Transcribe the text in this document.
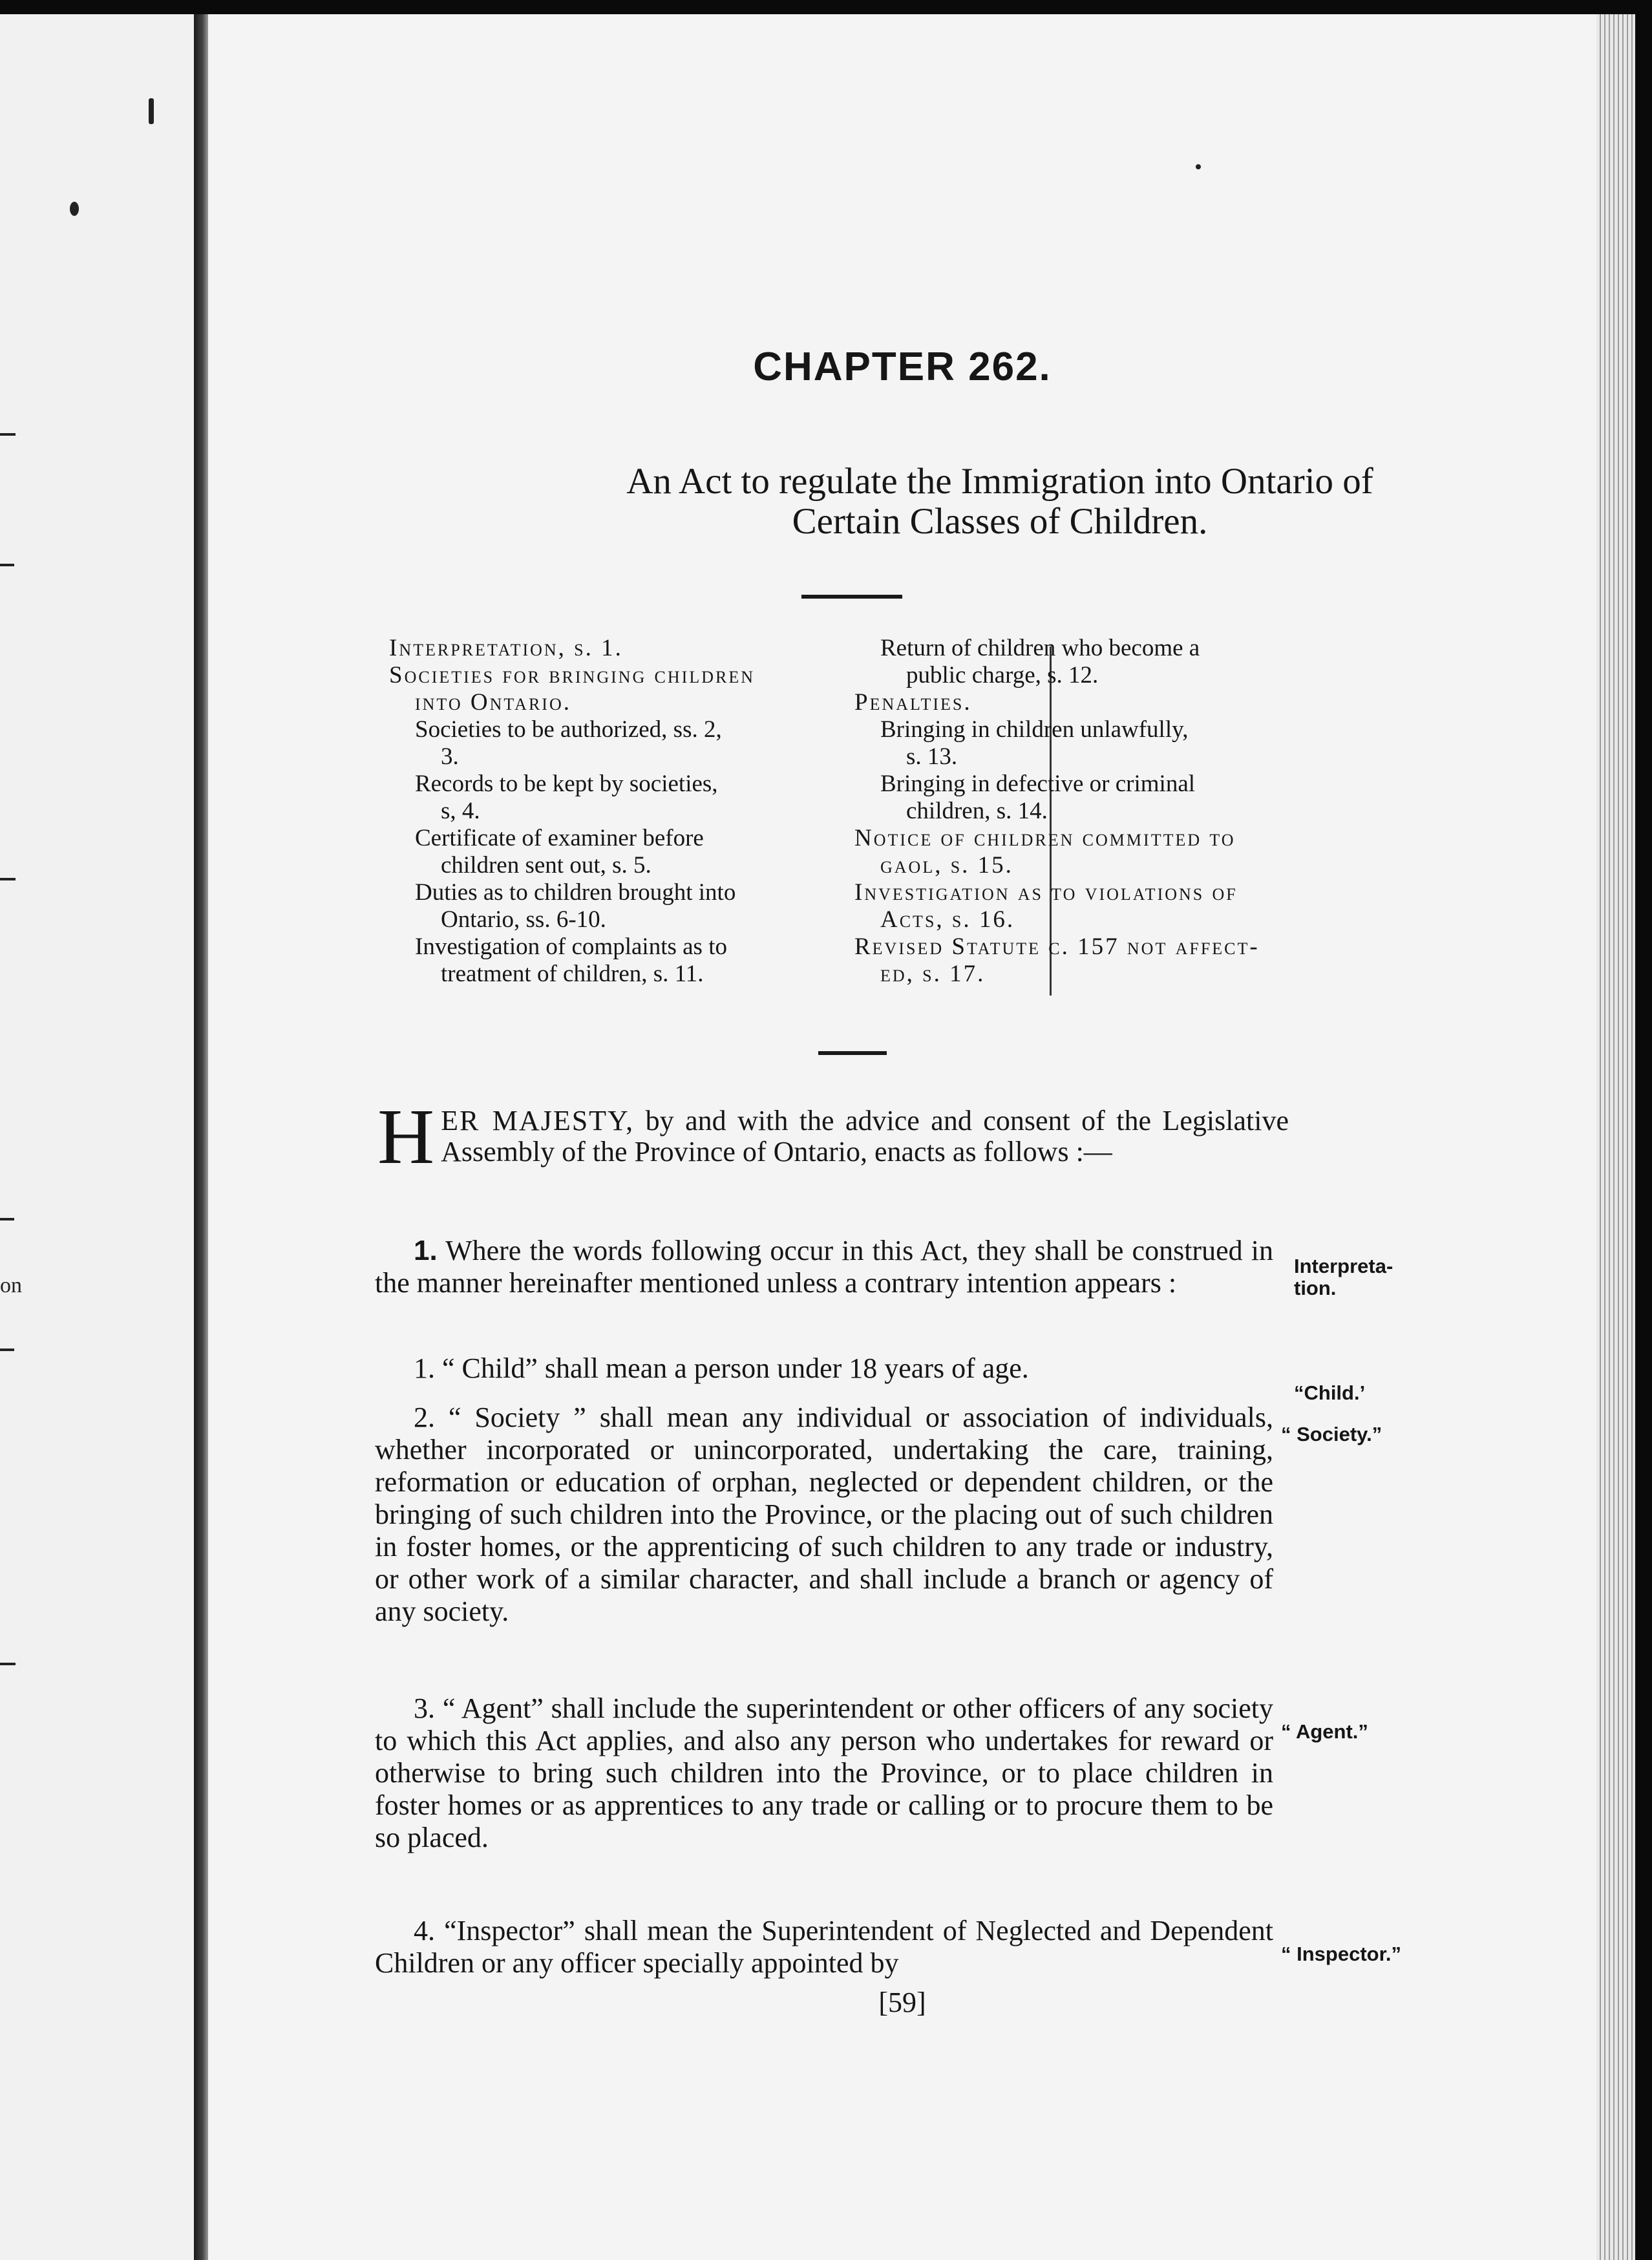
on
CHAPTER 262.
An Act to regulate the Immigration into Ontario of
Certain Classes of Children.
Interpretation, s. 1.
Societies for bringing children
into Ontario.
Societies to be authorized, ss. 2,
3.
Records to be kept by societies,
s, 4.
Certificate of examiner before
children sent out, s. 5.
Duties as to children brought into
Ontario, ss. 6-10.
Investigation of complaints as to
treatment of children, s. 11.
Return of children who become a
public charge, s. 12.
Penalties.
Bringing in children unlawfully,
s. 13.
Bringing in defective or criminal
children, s. 14.
Notice of children committed to
gaol, s. 15.
Investigation as to violations of
Acts, s. 16.
Revised Statute c. 157 not affect-
ed, s. 17.
HER MAJESTY, by and with the advice and consent of the Legislative Assembly of the Province of Ontario, enacts as follows :—

1. Where the words following occur in this Act, they shall be construed in the manner hereinafter mentioned unless a contrary intention appears :

1. “ Child” shall mean a person under 18 years of age.

2. “ Society ” shall mean any individual or association of individuals, whether incorporated or unincorporated, undertaking the care, training, reformation or education of orphan, neglected or dependent children, or the bringing of such children into the Province, or the placing out of such children in foster homes, or the apprenticing of such children to any trade or industry, or other work of a similar character, and shall include a branch or agency of any society.

3. “ Agent” shall include the superintendent or other officers of any society to which this Act applies, and also any person who undertakes for reward or otherwise to bring such children into the Province, or to place children in foster homes or as apprentices to any trade or calling or to procure them to be so placed.

4. “Inspector” shall mean the Superintendent of Neglected and Dependent Children or any officer specially appointed by

Interpreta-
tion.
“Child.’
“ Society.”
“ Agent.”
“ Inspector.”
[59]
